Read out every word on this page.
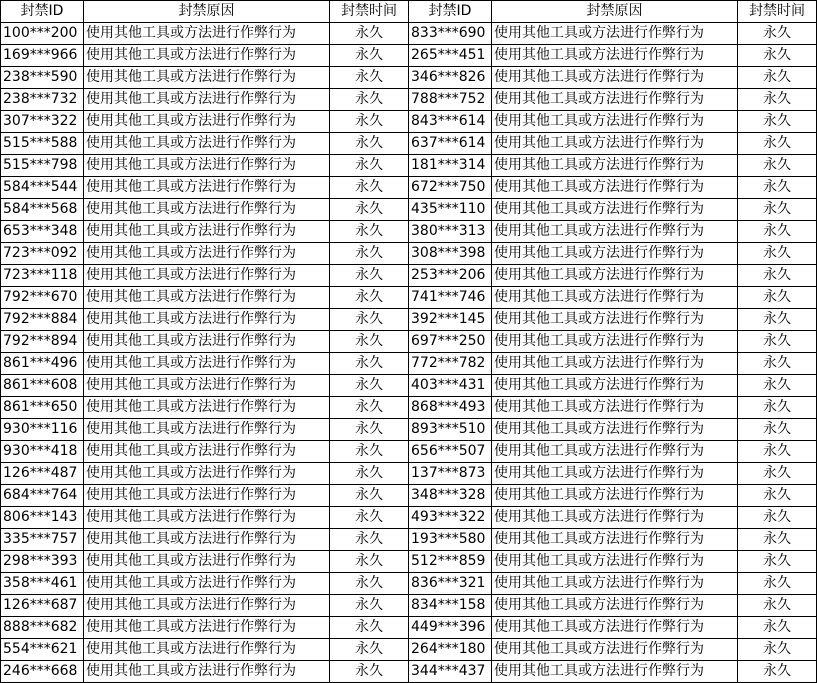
封禁ID	封禁原因	封禁时间	封禁ID	封禁原因	封禁时间
100***200	使用其他工具或方法进行作弊行为	永久	833***690	使用其他工具或方法进行作弊行为	永久
169***966	使用其他工具或方法进行作弊行为	永久	265***451	使用其他工具或方法进行作弊行为	永久
238***590	使用其他工具或方法进行作弊行为	永久	346***826	使用其他工具或方法进行作弊行为	永久
238***732	使用其他工具或方法进行作弊行为	永久	788***752	使用其他工具或方法进行作弊行为	永久
307***322	使用其他工具或方法进行作弊行为	永久	843***614	使用其他工具或方法进行作弊行为	永久
515***588	使用其他工具或方法进行作弊行为	永久	637***614	使用其他工具或方法进行作弊行为	永久
515***798	使用其他工具或方法进行作弊行为	永久	181***314	使用其他工具或方法进行作弊行为	永久
584***544	使用其他工具或方法进行作弊行为	永久	672***750	使用其他工具或方法进行作弊行为	永久
584***568	使用其他工具或方法进行作弊行为	永久	435***110	使用其他工具或方法进行作弊行为	永久
653***348	使用其他工具或方法进行作弊行为	永久	380***313	使用其他工具或方法进行作弊行为	永久
723***092	使用其他工具或方法进行作弊行为	永久	308***398	使用其他工具或方法进行作弊行为	永久
723***118	使用其他工具或方法进行作弊行为	永久	253***206	使用其他工具或方法进行作弊行为	永久
792***670	使用其他工具或方法进行作弊行为	永久	741***746	使用其他工具或方法进行作弊行为	永久
792***884	使用其他工具或方法进行作弊行为	永久	392***145	使用其他工具或方法进行作弊行为	永久
792***894	使用其他工具或方法进行作弊行为	永久	697***250	使用其他工具或方法进行作弊行为	永久
861***496	使用其他工具或方法进行作弊行为	永久	772***782	使用其他工具或方法进行作弊行为	永久
861***608	使用其他工具或方法进行作弊行为	永久	403***431	使用其他工具或方法进行作弊行为	永久
861***650	使用其他工具或方法进行作弊行为	永久	868***493	使用其他工具或方法进行作弊行为	永久
930***116	使用其他工具或方法进行作弊行为	永久	893***510	使用其他工具或方法进行作弊行为	永久
930***418	使用其他工具或方法进行作弊行为	永久	656***507	使用其他工具或方法进行作弊行为	永久
126***487	使用其他工具或方法进行作弊行为	永久	137***873	使用其他工具或方法进行作弊行为	永久
684***764	使用其他工具或方法进行作弊行为	永久	348***328	使用其他工具或方法进行作弊行为	永久
806***143	使用其他工具或方法进行作弊行为	永久	493***322	使用其他工具或方法进行作弊行为	永久
335***757	使用其他工具或方法进行作弊行为	永久	193***580	使用其他工具或方法进行作弊行为	永久
298***393	使用其他工具或方法进行作弊行为	永久	512***859	使用其他工具或方法进行作弊行为	永久
358***461	使用其他工具或方法进行作弊行为	永久	836***321	使用其他工具或方法进行作弊行为	永久
126***687	使用其他工具或方法进行作弊行为	永久	834***158	使用其他工具或方法进行作弊行为	永久
888***682	使用其他工具或方法进行作弊行为	永久	449***396	使用其他工具或方法进行作弊行为	永久
554***621	使用其他工具或方法进行作弊行为	永久	264***180	使用其他工具或方法进行作弊行为	永久
246***668	使用其他工具或方法进行作弊行为	永久	344***437	使用其他工具或方法进行作弊行为	永久
